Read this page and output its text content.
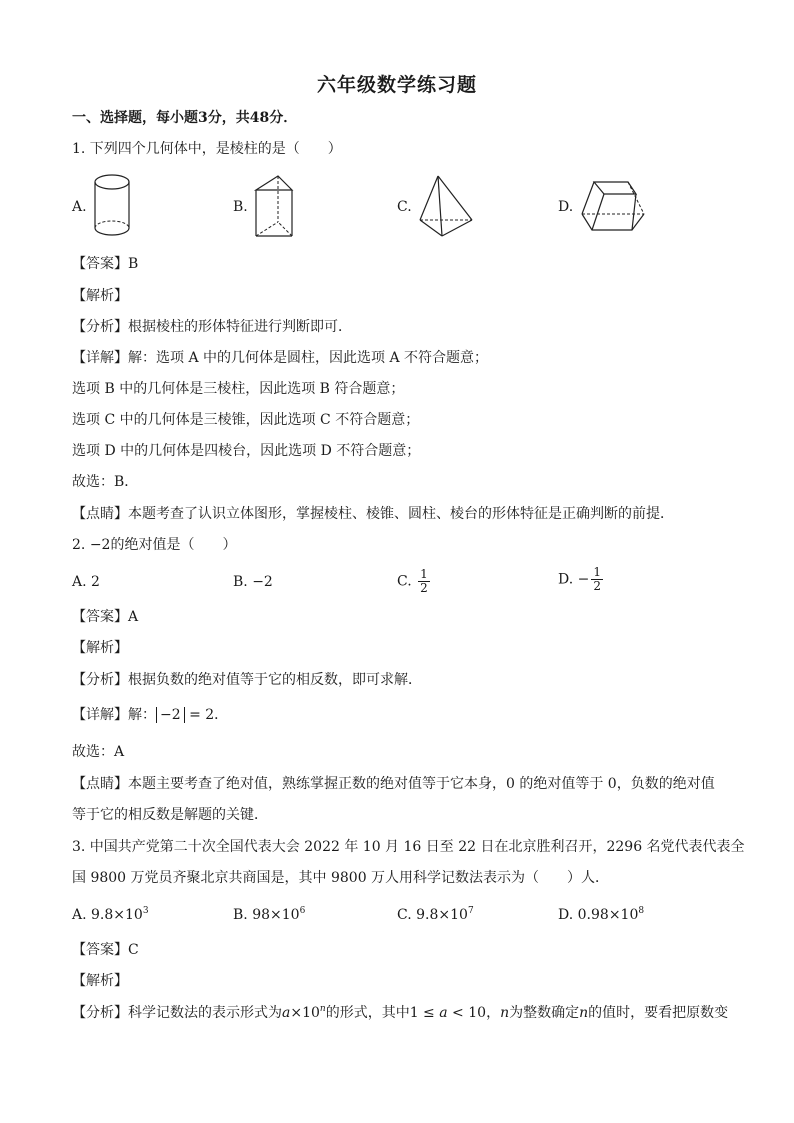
六年级数学练习题
一、选择题，每小题3分，共48分．
1. 下列四个几何体中，是棱柱的是（　　）
A.	B.	C.	D.
【答案】B
【解析】
【分析】根据棱柱的形体特征进行判断即可．
【详解】解：选项 A 中的几何体是圆柱，因此选项 A 不符合题意；
选项 B 中的几何体是三棱柱，因此选项 B 符合题意；
选项 C 中的几何体是三棱锥，因此选项 C 不符合题意；
选项 D 中的几何体是四棱台，因此选项 D 不符合题意；
故选：B．
【点睛】本题考查了认识立体图形，掌握棱柱、棱锥、圆柱、棱台的形体特征是正确判断的前提．
2. −2的绝对值是（　　）
A. 2	B. −2	C. $\frac{1}{2}$	D. − $\frac{1}{2}$
【答案】A
【解析】
【分析】根据负数的绝对值等于它的相反数，即可求解．
【详解】解： −2 = 2．
故选：A
【点睛】本题主要考查了绝对值，熟练掌握正数的绝对值等于它本身，0 的绝对值等于 0，负数的绝对值
等于它的相反数是解题的关键．
3. 中国共产党第二十次全国代表大会 2022 年 10 月 16 日至 22 日在北京胜利召开，2296 名党代表代表全
国 9800 万党员齐聚北京共商国是，其中 9800 万人用科学记数法表示为（　　）人．
A. $9.8\times 10^3$	B. $98\times 10^6$	C. $9.8\times 10^7$	D. $0.98\times 10^8$
【答案】C
【解析】
【分析】科学记数法的表示形式为$a\times 10^n$的形式，其中1 ≤ a < 10，n为整数确定n的值时，要看把原数变
